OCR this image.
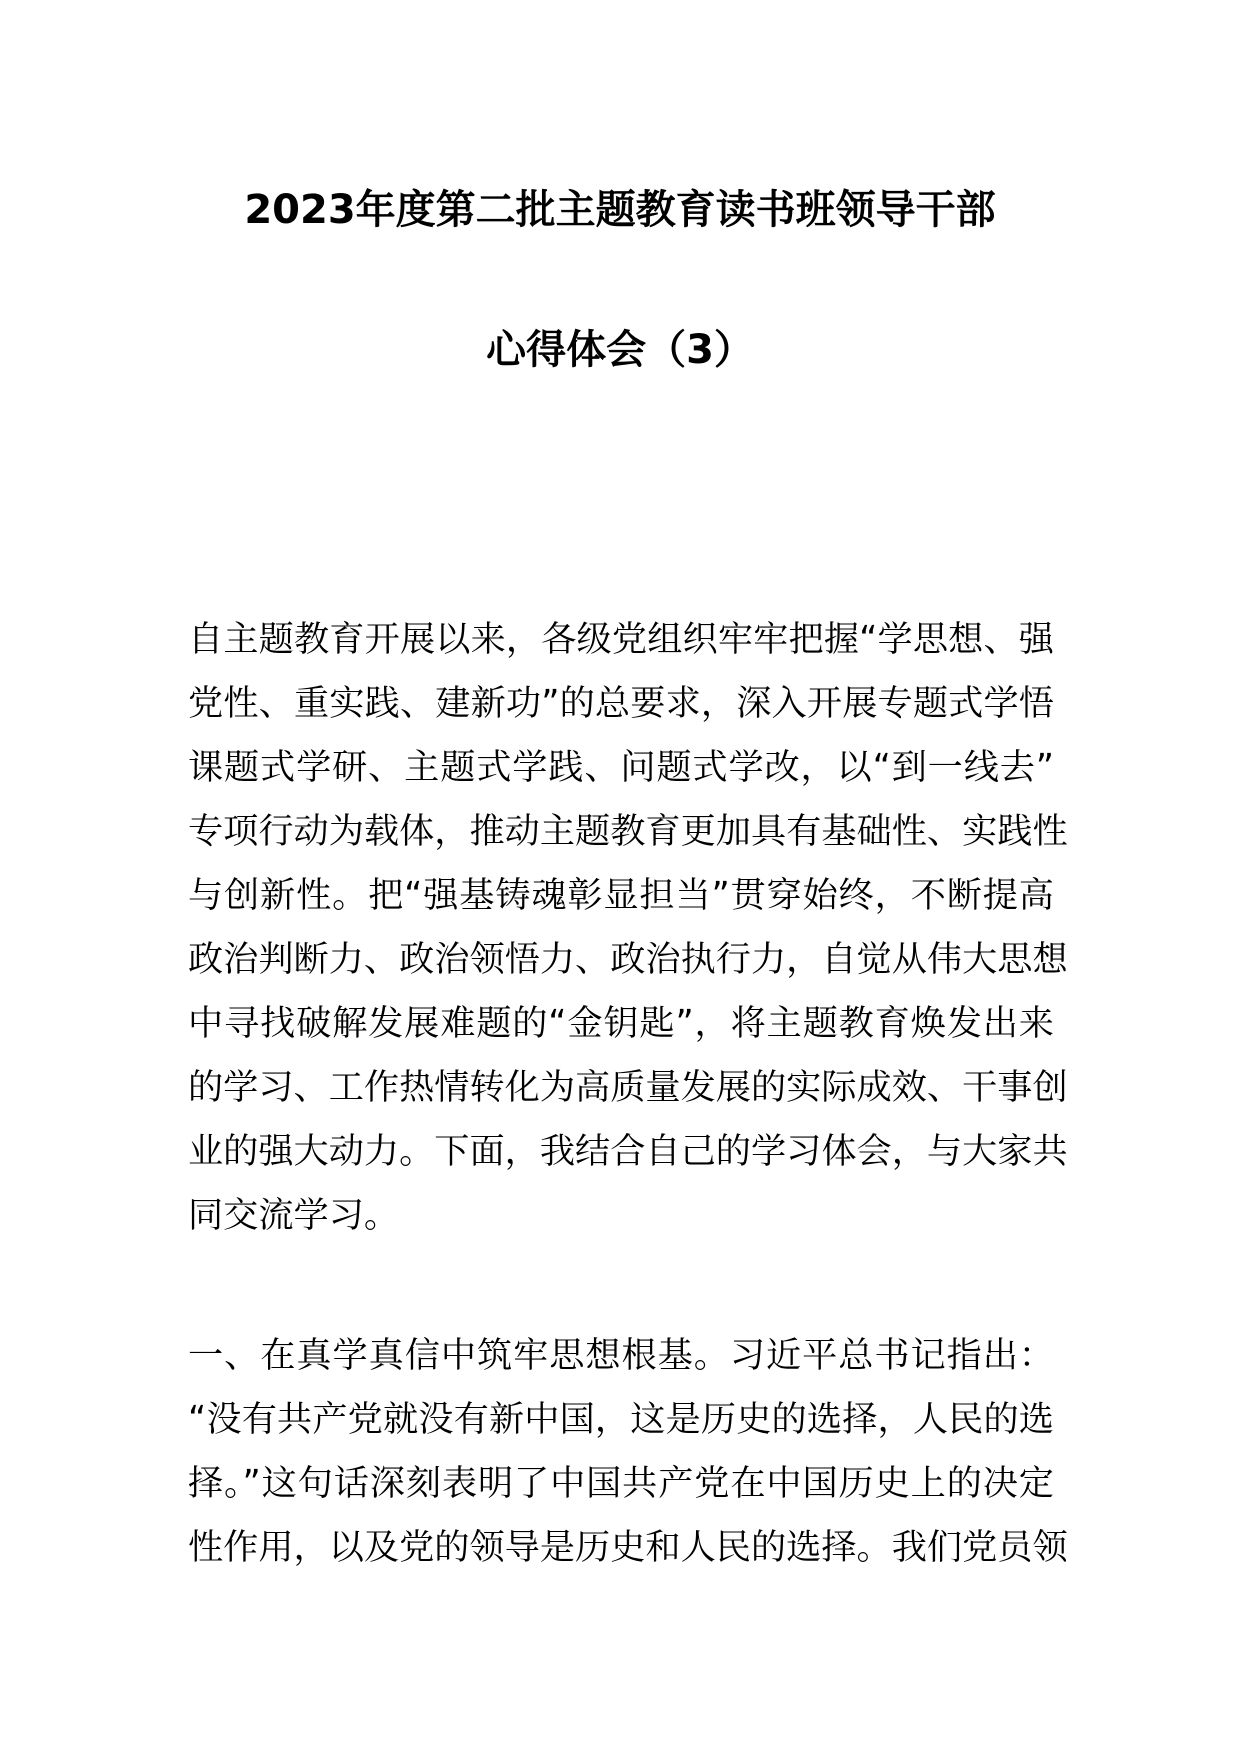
2023年度第二批主题教育读书班领导干部
心得体会（3）
自主题教育开展以来，各级党组织牢牢把握“学思想、强
党性、重实践、建新功”的总要求，深入开展专题式学悟
课题式学研、主题式学践、问题式学改，以“到一线去”
专项行动为载体，推动主题教育更加具有基础性、实践性
与创新性。把“强基铸魂彰显担当”贯穿始终，不断提高
政治判断力、政治领悟力、政治执行力，自觉从伟大思想
中寻找破解发展难题的“金钥匙”，将主题教育焕发出来
的学习、工作热情转化为高质量发展的实际成效、干事创
业的强大动力。下面，我结合自己的学习体会，与大家共
同交流学习。
一、在真学真信中筑牢思想根基。习近平总书记指出：
“没有共产党就没有新中国，这是历史的选择，人民的选
择。”这句话深刻表明了中国共产党在中国历史上的决定
性作用，以及党的领导是历史和人民的选择。我们党员领
